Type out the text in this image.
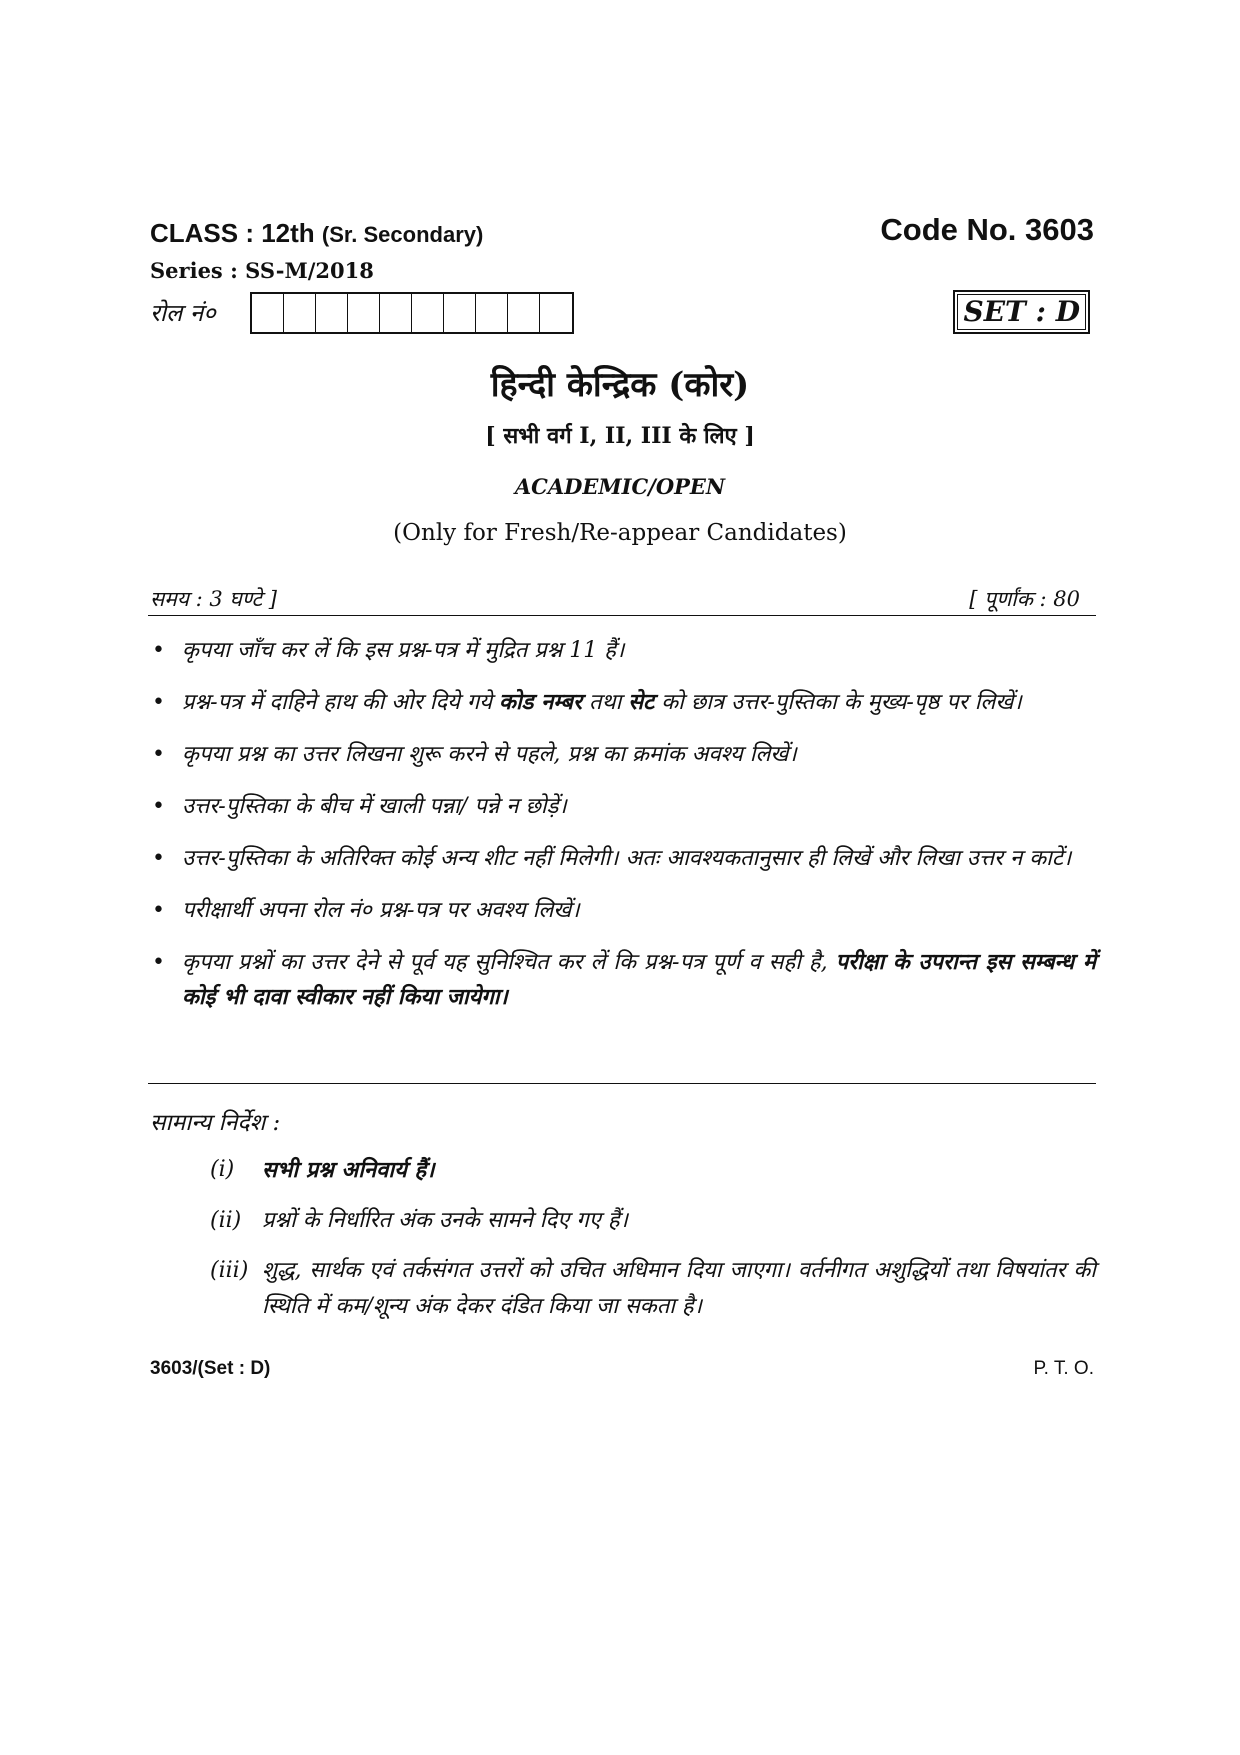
CLASS : 12th (Sr. Secondary)	Code No. 3603
Series : SS-M/2018
रोल नं०	SET : D
हिन्दी केन्द्रिक (कोर)
[ सभी वर्ग I, II, III के लिए ]
ACADEMIC/OPEN
(Only for Fresh/Re-appear Candidates)
समय : 3 घण्टे ]	[ पूर्णांक : 80
• कृपया जाँच कर लें कि इस प्रश्न-पत्र में मुद्रित प्रश्न 11 हैं।
• प्रश्न-पत्र में दाहिने हाथ की ओर दिये गये कोड नम्बर तथा सेट को छात्र उत्तर-पुस्तिका के मुख्य-पृष्ठ पर लिखें।
• कृपया प्रश्न का उत्तर लिखना शुरू करने से पहले, प्रश्न का क्रमांक अवश्य लिखें।
• उत्तर-पुस्तिका के बीच में खाली पन्ना/ पन्ने न छोड़ें।
• उत्तर-पुस्तिका के अतिरिक्त कोई अन्य शीट नहीं मिलेगी। अतः आवश्यकतानुसार ही लिखें और लिखा उत्तर न काटें।
• परीक्षार्थी अपना रोल नं० प्रश्न-पत्र पर अवश्य लिखें।
• कृपया प्रश्नों का उत्तर देने से पूर्व यह सुनिश्चित कर लें कि प्रश्न-पत्र पूर्ण व सही है, परीक्षा के उपरान्त इस सम्बन्ध में कोई भी दावा स्वीकार नहीं किया जायेगा।
सामान्य निर्देश :
(i) सभी प्रश्न अनिवार्य हैं।
(ii) प्रश्नों के निर्धारित अंक उनके सामने दिए गए हैं।
(iii) शुद्ध, सार्थक एवं तर्कसंगत उत्तरों को उचित अधिमान दिया जाएगा। वर्तनीगत अशुद्धियों तथा विषयांतर की स्थिति में कम/शून्य अंक देकर दंडित किया जा सकता है।
3603/(Set : D)	P. T. O.
